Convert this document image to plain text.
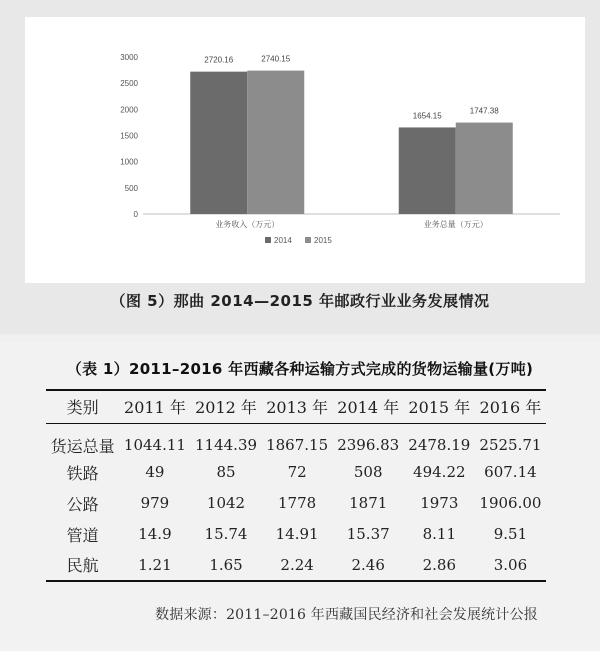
0
500
1000
1500
2000
2500
3000	2720.16	2740.15
业务收入（万元）
1654.15
1747.38
业务总量（万元）
2014	2015
（图 5）那曲 2014—2015 年邮政行业业务发展情况
（表 1）2011–2016 年西藏各种运输方式完成的货物运输量(万吨)
类别	2011 年	2012 年	2013 年	2014 年	2015 年	2016 年
货运总量	1044.11	1144.39	1867.15	2396.83	2478.19	2525.71
铁路	49	85	72	508	494.22	607.14
公路	979	1042	1778	1871	1973	1906.00
管道	14.9	15.74	14.91	15.37	8.11	9.51
民航	1.21	1.65	2.24	2.46	2.86	3.06
数据来源：2011–2016 年西藏国民经济和社会发展统计公报
